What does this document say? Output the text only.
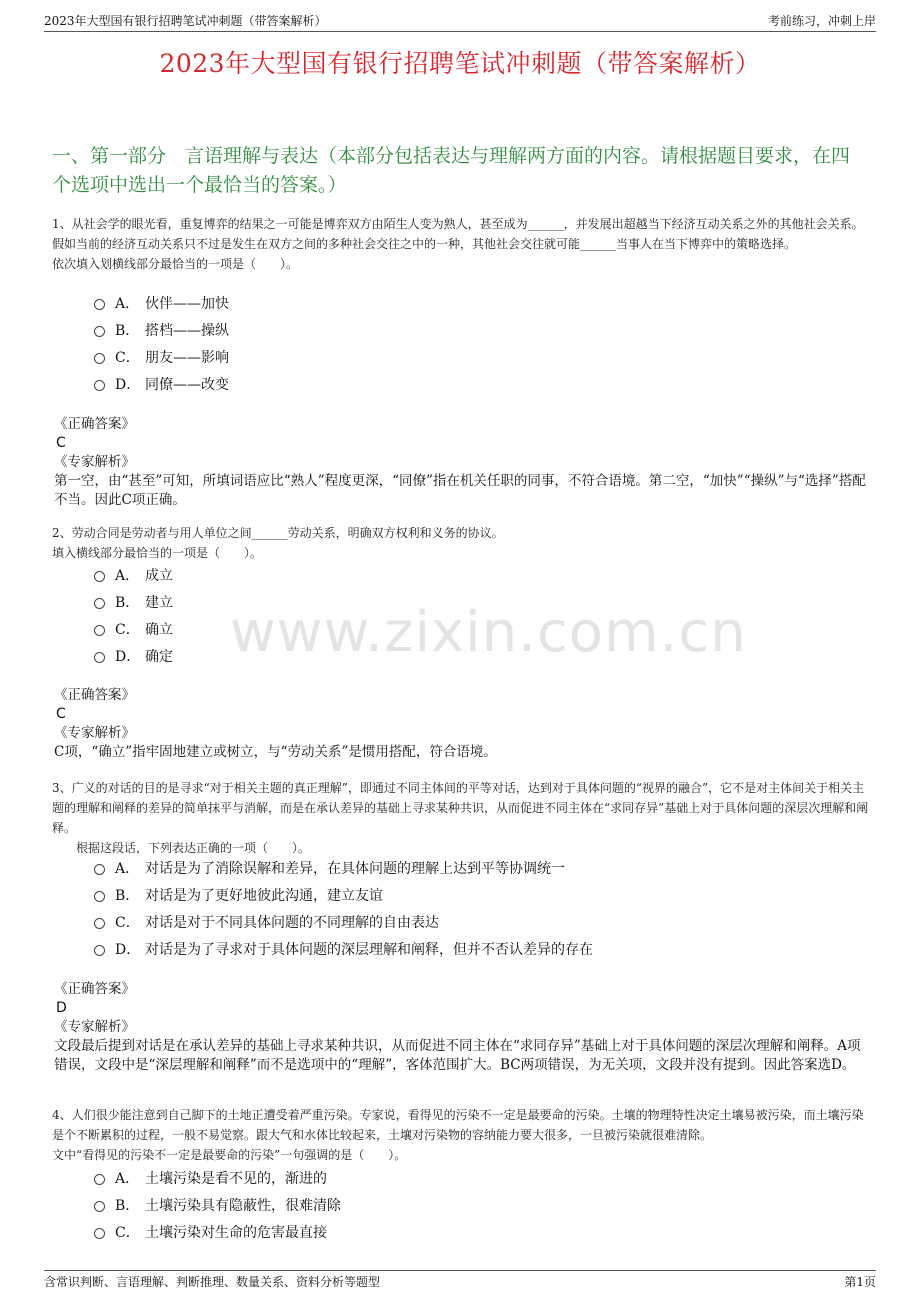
2023年大型国有银行招聘笔试冲刺题（带答案解析）	考前练习，冲刺上岸
2023年大型国有银行招聘笔试冲刺题（带答案解析）
一、第一部分　言语理解与表达（本部分包括表达与理解两方面的内容。请根据题目要求，在四个选项中选出一个最恰当的答案。）
www.zixin.com.cn

1、从社会学的眼光看，重复博弈的结果之一可能是博弈双方由陌生人变为熟人，甚至成为______，并发展出超越当下经济互动关系之外的其他社会关系。假如当前的经济互动关系只不过是发生在双方之间的多种社会交往之中的一种，其他社会交往就可能______当事人在当下博弈中的策略选择。

依次填入划横线部分最恰当的一项是（　　）。

A． 伙伴——加快
B． 搭档——操纵
C． 朋友——影响
D． 同僚——改变

《正确答案》

C

《专家解析》

第一空，由“甚至”可知，所填词语应比“熟人”程度更深，“同僚”指在机关任职的同事，不符合语境。第二空，“加快”“操纵”与“选择”搭配不当。因此C项正确。

2、劳动合同是劳动者与用人单位之间______劳动关系，明确双方权利和义务的协议。

填入横线部分最恰当的一项是（　　）。

A． 成立
B． 建立
C． 确立
D． 确定

《正确答案》

C

《专家解析》

C项，“确立”指牢固地建立或树立，与“劳动关系”是惯用搭配，符合语境。

3、广义的对话的目的是寻求“对于相关主题的真正理解”，即通过不同主体间的平等对话，达到对于具体问题的“视界的融合”，它不是对主体间关于相关主题的理解和阐释的差异的简单抹平与消解，而是在承认差异的基础上寻求某种共识，从而促进不同主体在“求同存异”基础上对于具体问题的深层次理解和阐释。

　　根据这段话，下列表达正确的一项（　　）。

A． 对话是为了消除误解和差异，在具体问题的理解上达到平等协调统一
B． 对话是为了更好地彼此沟通，建立友谊
C． 对话是对于不同具体问题的不同理解的自由表达
D． 对话是为了寻求对于具体问题的深层理解和阐释，但并不否认差异的存在

《正确答案》

D

《专家解析》

文段最后提到对话是在承认差异的基础上寻求某种共识，从而促进不同主体在“求同存异”基础上对于具体问题的深层次理解和阐释。A项错误，文段中是“深层理解和阐释”而不是选项中的“理解”，客体范围扩大。BC两项错误，为无关项，文段并没有提到。因此答案选D。

4、人们很少能注意到自己脚下的土地正遭受着严重污染。专家说，看得见的污染不一定是最要命的污染。土壤的物理特性决定土壤易被污染，而土壤污染是个不断累积的过程，一般不易觉察。跟大气和水体比较起来，土壤对污染物的容纳能力要大很多，一旦被污染就很难清除。

文中“看得见的污染不一定是最要命的污染”一句强调的是（　　）。

A． 土壤污染是看不见的，渐进的
B． 土壤污染具有隐蔽性，很难清除
C． 土壤污染对生命的危害最直接
含常识判断、言语理解、判断推理、数量关系、资料分析等题型	第1页
